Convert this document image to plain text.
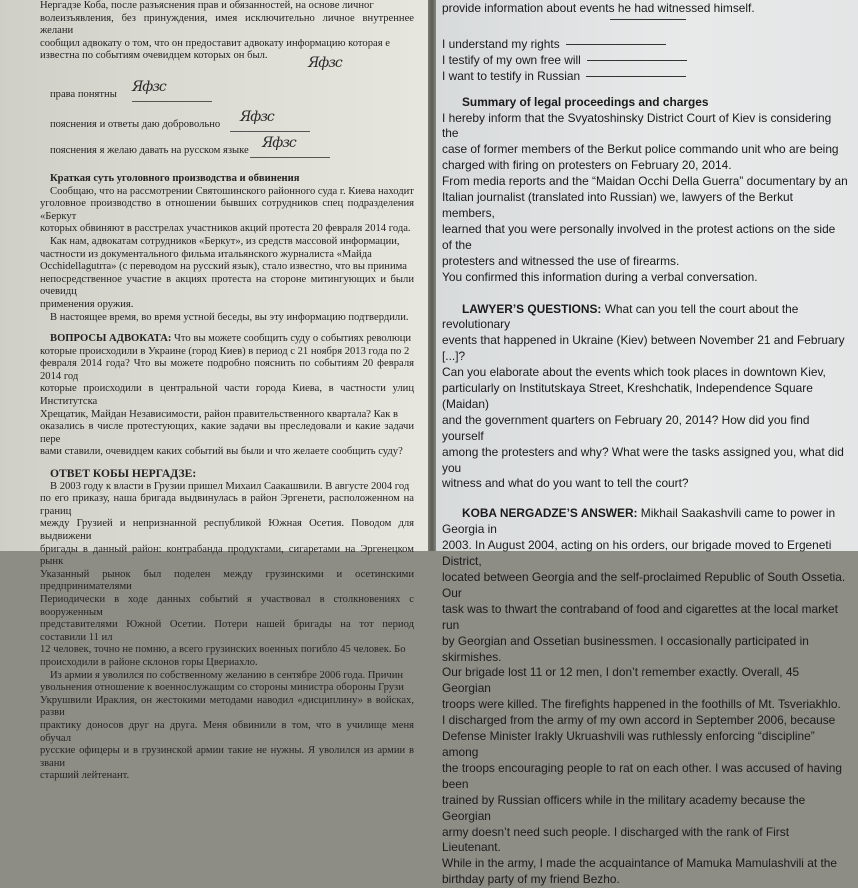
Нергадзе Коба, после разъяснения прав и обязанностей, на основе личног

волеизъявления, без принуждения, имея исключительно личное внутреннее желани

сообщил адвокату о том, что он предоставит адвокату информацию которая е

известна по событиям очевидцем которых он был.	Яфзс
права понятны Яфзс
пояснения и ответы даю добровольно Яфзс
пояснения я желаю давать на русском языке Яфзс

Краткая суть уголовного производства и обвинения

Сообщаю, что на рассмотрении Святошинского районного суда г. Киева находит

уголовное производство в отношении бывших сотрудников спец подразделения «Беркут

которых обвиняют в расстрелах участников акций протеста 20 февраля 2014 года.

Как нам, адвокатам сотрудников «Беркут», из средств массовой информации,

частности из документального фильма итальянского журналиста «Майда

Occhidellagutrra» (с переводом на русский язык), стало известно, что вы принима

непосредственное участие в акциях протеста на стороне митингующих и были очевидц

применения оружия.

В настоящее время, во время устной беседы, вы эту информацию подтвердили.

ВОПРОСЫ АДВОКАТА: Что вы можете сообщить суду о событиях революци

которые происходили в Украине (город Киев) в период с 21 ноября 2013 года по 2

февраля 2014 года? Что вы можете подробно пояснить по событиям 20 февраля 2014 год

которые происходили в центральной части города Киева, в частности улиц Институтска

Хрещатик, Майдан Независимости, район правительственного квартала? Как в

оказались в числе протестующих, какие задачи вы преследовали и какие задачи пере

вами ставили, очевидцем каких событий вы были и что желаете сообщить суду?

ОТВЕТ КОБЫ НЕРГАДЗЕ:

В 2003 году к власти в Грузии пришел Михаил Саакашвили. В августе 2004 год

по его приказу, наша бригада выдвинулась в район Эргенети, расположенном на границ

между Грузией и непризнанной республикой Южная Осетия. Поводом для выдвижени

бригады в данный район: контрабанда продуктами, сигаретами на Эргенецком рынк

Указанный рынок был поделен между грузинскими и осетинскими предпринимателями

Периодически в ходе данных событий я участвовал в столкновениях с вооруженным

представителями Южной Осетии. Потери нашей бригады на тот период составили 11 ил

12 человек, точно не помню, а всего грузинских военных погибло 45 человек. Бо

происходили в районе склонов горы Цвериахло.

Из армии я уволился по собственному желанию в сентябре 2006 года. Причин

увольнения отношение к военнослужащим со стороны министра обороны Грузи

Укрушвили Ираклия, он жестокими методами наводил «дисциплину» в войсках, разви

практику доносов друг на друга. Меня обвинили в том, что в училище меня обучал

русские офицеры и в грузинской армии такие не нужны. Я уволился из армии в звани

старший лейтенант.

provide information about events he had witnessed himself.

I understand my rights

I testify of my own free will

I want to testify in Russian

Summary of legal proceedings and charges

I hereby inform that the Svyatoshinsky District Court of Kiev is considering the

case of former members of the Berkut police commando unit who are being

charged with firing on protesters on February 20, 2014.

From media reports and the “Maidan Occhi Della Guerra” documentary by an

Italian journalist (translated into Russian) we, lawyers of the Berkut members,

learned that you were personally involved in the protest actions on the side of the

protesters and witnessed the use of firearms.

You confirmed this information during a verbal conversation.

LAWYER’S QUESTIONS: What can you tell the court about the revolutionary

events that happened in Ukraine (Kiev) between November 21 and February [...]?

Can you elaborate about the events which took places in downtown Kiev,

particularly on Institutskaya Street, Kreshchatik, Independence Square (Maidan)

and the government quarters on February 20, 2014? How did you find yourself

among the protesters and why? What were the tasks assigned you, what did you

witness and what do you want to tell the court?

KOBA NERGADZE’S ANSWER: Mikhail Saakashvili came to power in Georgia in

2003. In August 2004, acting on his orders, our brigade moved to Ergeneti District,

located between Georgia and the self-proclaimed Republic of South Ossetia. Our

task was to thwart the contraband of food and cigarettes at the local market run

by Georgian and Ossetian businessmen. I occasionally participated in skirmishes.

Our brigade lost 11 or 12 men, I don’t remember exactly. Overall, 45 Georgian

troops were killed. The firefights happened in the foothills of Mt. Tsveriakhlo.

I discharged from the army of my own accord in September 2006, because

Defense Minister Irakly Ukruashvili was ruthlessly enforcing “discipline” among

the troops encouraging people to rat on each other. I was accused of having been

trained by Russian officers while in the military academy because the Georgian

army doesn’t need such people. I discharged with the rank of First Lieutenant.

While in the army, I made the acquaintance of Mamuka Mamulashvili at the

birthday party of my friend Bezho.
